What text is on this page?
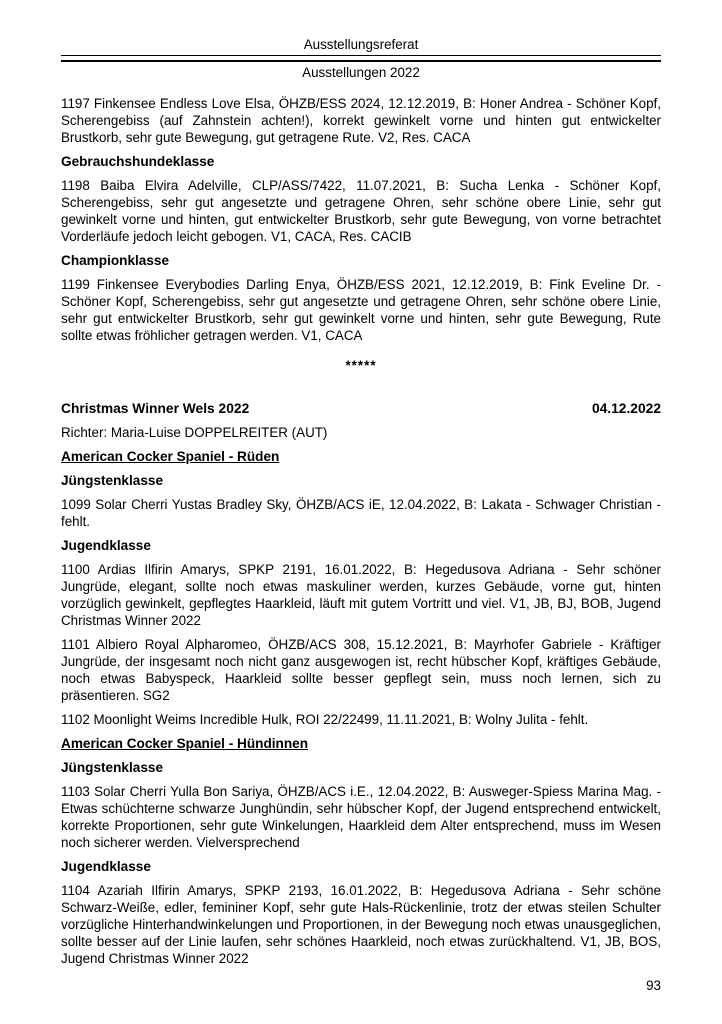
Ausstellungsreferat
Ausstellungen 2022

1197 Finkensee Endless Love Elsa, ÖHZB/ESS 2024, 12.12.2019, B: Honer Andrea - Schöner Kopf, Scherengebiss (auf Zahnstein achten!), korrekt gewinkelt vorne und hinten gut entwickelter Brustkorb, sehr gute Bewegung, gut getragene Rute. V2, Res. CACA

Gebrauchshundeklasse

1198 Baiba Elvira Adelville, CLP/ASS/7422, 11.07.2021, B: Sucha Lenka - Schöner Kopf, Scherengebiss, sehr gut angesetzte und getragene Ohren, sehr schöne obere Linie, sehr gut gewinkelt vorne und hinten, gut entwickelter Brustkorb, sehr gute Bewegung, von vorne betrachtet Vorderläufe jedoch leicht gebogen. V1, CACA, Res. CACIB

Championklasse

1199 Finkensee Everybodies Darling Enya, ÖHZB/ESS 2021, 12.12.2019, B: Fink Eveline Dr. - Schöner Kopf, Scherengebiss, sehr gut angesetzte und getragene Ohren, sehr schöne obere Linie, sehr gut entwickelter Brustkorb, sehr gut gewinkelt vorne und hinten, sehr gute Bewegung, Rute sollte etwas fröhlicher getragen werden. V1, CACA

*****
Christmas Winner Wels 2022	04.12.2022

Richter: Maria-Luise DOPPELREITER (AUT)

American Cocker Spaniel - Rüden
Jüngstenklasse

1099 Solar Cherri Yustas Bradley Sky, ÖHZB/ACS iE, 12.04.2022, B: Lakata - Schwager Christian - fehlt.

Jugendklasse

1100 Ardias Ilfirin Amarys, SPKP 2191, 16.01.2022, B: Hegedusova Adriana - Sehr schöner Jungrüde, elegant, sollte noch etwas maskuliner werden, kurzes Gebäude, vorne gut, hinten vorzüglich gewinkelt, gepflegtes Haarkleid, läuft mit gutem Vortritt und viel. V1, JB, BJ, BOB, Jugend Christmas Winner 2022

1101 Albiero Royal Alpharomeo, ÖHZB/ACS 308, 15.12.2021, B: Mayrhofer Gabriele - Kräftiger Jungrüde, der insgesamt noch nicht ganz ausgewogen ist, recht hübscher Kopf, kräftiges Gebäude, noch etwas Babyspeck, Haarkleid sollte besser gepflegt sein, muss noch lernen, sich zu präsentieren. SG2

1102 Moonlight Weims Incredible Hulk, ROI 22/22499, 11.11.2021, B: Wolny Julita - fehlt.

American Cocker Spaniel - Hündinnen
Jüngstenklasse

1103 Solar Cherri Yulla Bon Sariya, ÖHZB/ACS i.E., 12.04.2022, B: Ausweger-Spiess Marina Mag. - Etwas schüchterne schwarze Junghündin, sehr hübscher Kopf, der Jugend entsprechend entwickelt, korrekte Proportionen, sehr gute Winkelungen, Haarkleid dem Alter entsprechend, muss im Wesen noch sicherer werden. Vielversprechend

Jugendklasse

1104 Azariah Ilfirin Amarys, SPKP 2193, 16.01.2022, B: Hegedusova Adriana - Sehr schöne Schwarz-Weiße, edler, femininer Kopf, sehr gute Hals-Rückenlinie, trotz der etwas steilen Schulter vorzügliche Hinterhandwinkelungen und Proportionen, in der Bewegung noch etwas unausgeglichen, sollte besser auf der Linie laufen, sehr schönes Haarkleid, noch etwas zurückhaltend. V1, JB, BOS, Jugend Christmas Winner 2022

93
